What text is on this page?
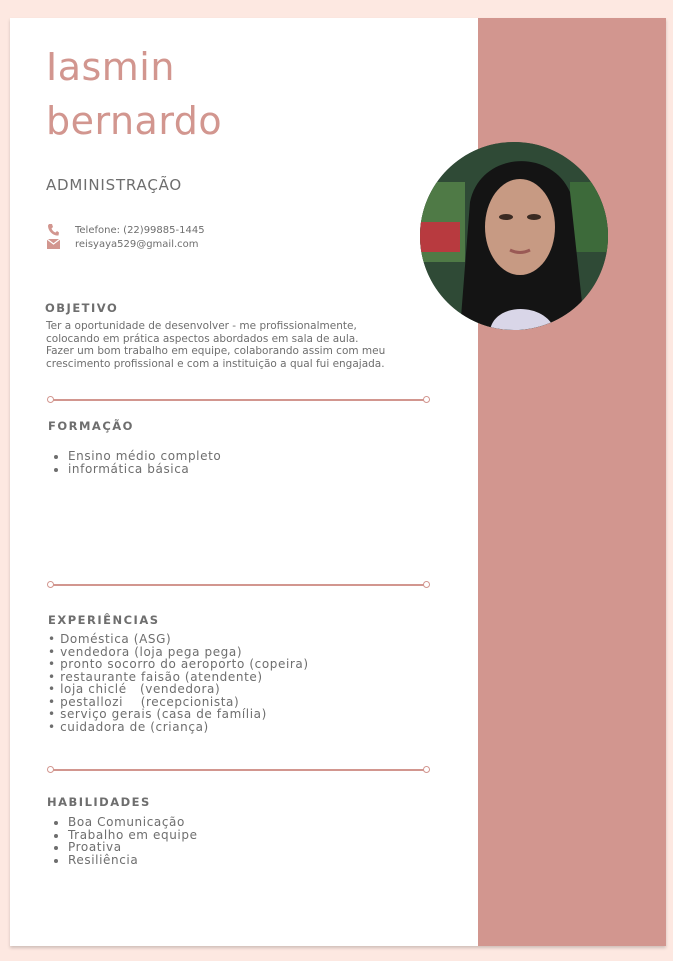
Iasmin
bernardo
ADMINISTRAÇÃO
Telefone: (22)99885-1445
reisyaya529@gmail.com
OBJETIVO
Ter a oportunidade de desenvolver - me profissionalmente, colocando em prática aspectos abordados em sala de aula. Fazer um bom trabalho em equipe, colaborando assim com meu crescimento profissional e com a instituição a qual fui engajada.
FORMAÇÃO
• Ensino médio completo
• informática básica
EXPERIÊNCIAS
• Doméstica (ASG)
• vendedora (loja pega pega)
• pronto socorro do aeroporto (copeira)
• restaurante faisão (atendente)
• loja chiclé   (vendedora)
• pestallozi    (recepcionista)
• serviço gerais (casa de família)
• cuidadora de (criança)
HABILIDADES
• Boa Comunicação
• Trabalho em equipe
• Proativa
• Resiliência
